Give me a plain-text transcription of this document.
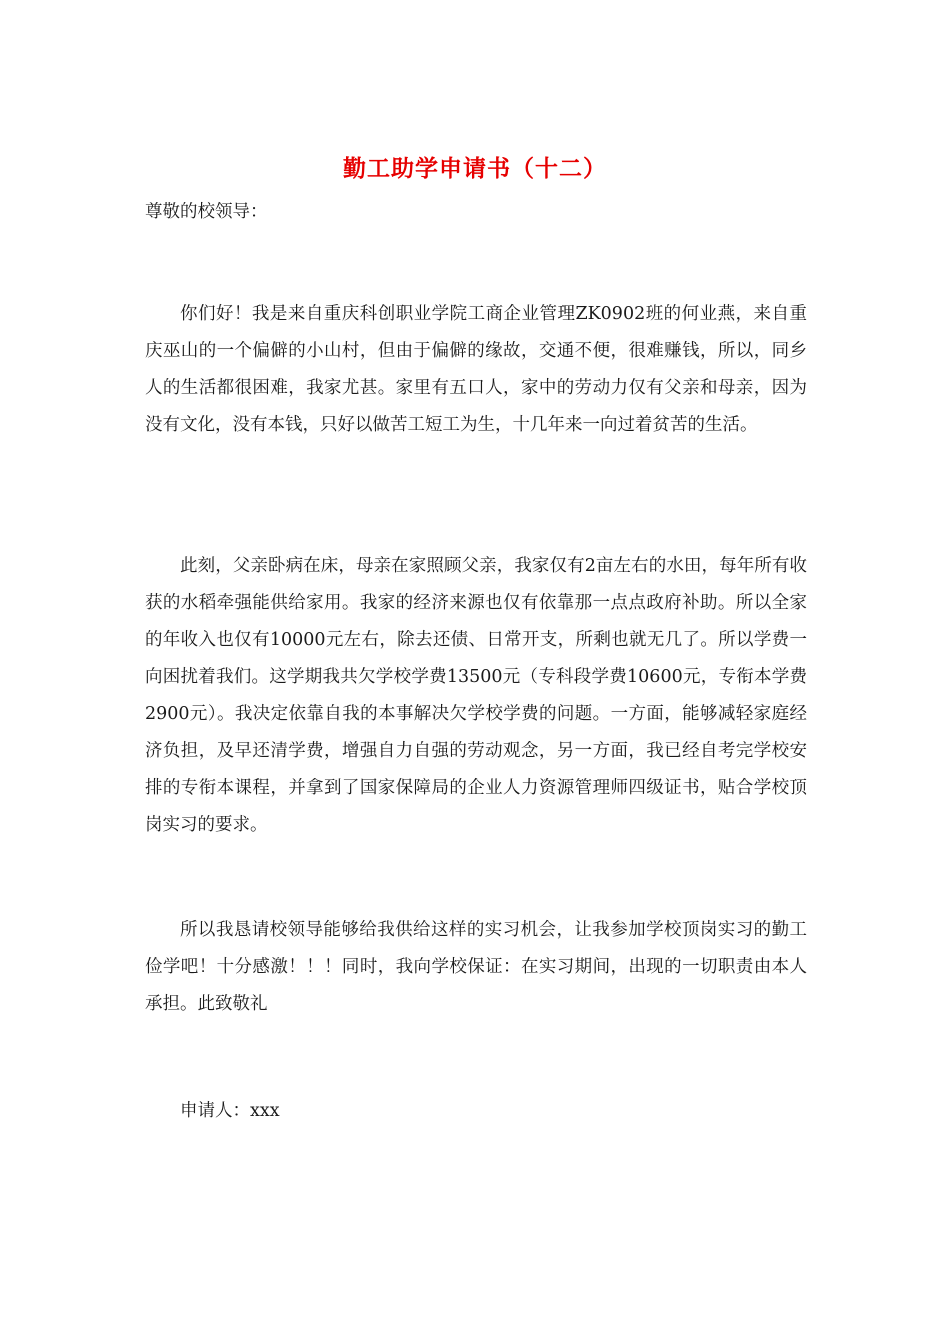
勤工助学申请书（十二）

尊敬的校领导：

你们好！我是来自重庆科创职业学院工商企业管理ZK0902班的何业燕，来自重庆巫山的一个偏僻的小山村，但由于偏僻的缘故，交通不便，很难赚钱，所以，同乡人的生活都很困难，我家尤甚。家里有五口人，家中的劳动力仅有父亲和母亲，因为没有文化，没有本钱，只好以做苦工短工为生，十几年来一向过着贫苦的生活。

此刻，父亲卧病在床，母亲在家照顾父亲，我家仅有2亩左右的水田，每年所有收获的水稻牵强能供给家用。我家的经济来源也仅有依靠那一点点政府补助。所以全家的年收入也仅有10000元左右，除去还债、日常开支，所剩也就无几了。所以学费一向困扰着我们。这学期我共欠学校学费13500元（专科段学费10600元，专衔本学费2900元）。我决定依靠自我的本事解决欠学校学费的问题。一方面，能够减轻家庭经济负担，及早还清学费，增强自力自强的劳动观念，另一方面，我已经自考完学校安排的专衔本课程，并拿到了国家保障局的企业人力资源管理师四级证书，贴合学校顶岗实习的要求。

所以我恳请校领导能够给我供给这样的实习机会，让我参加学校顶岗实习的勤工俭学吧！十分感激！！！同时，我向学校保证：在实习期间，出现的一切职责由本人承担。此致敬礼

申请人：xxx
